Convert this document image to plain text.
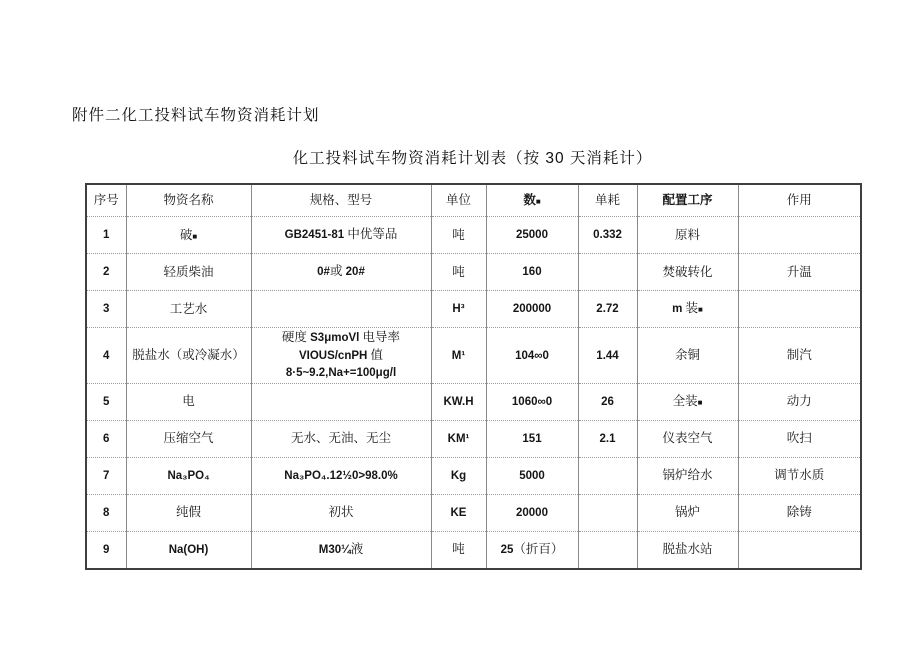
附件二化工投料试车物资消耗计划
化工投料试车物资消耗计划表（按 30 天消耗计）
序号	物资名称	规格、型号	单位	数■	单耗	配置工序	作用
1	破■	GB2451-81 中优等品	吨	25000	0.332	原料	
2	轻质柴油	0#或 20#	吨	160		焚破转化	升温
3	工艺水		H³	200000	2.72	m 装■	
4	脱盐水（或冷凝水）	硬度 S3μmoVl 电导率 VIOUS/cnPH 值 8·5~9.2,Na+=100μg/l	M¹	104∞0	1.44	余铜	制汽
5	电		KW.H	1060∞0	26	全装■	动力
6	压缩空气	无水、无油、无尘	KM¹	151	2.1	仪表空气	吹扫
7	Na₃PO₄	Na₃PO₄.12½0>98.0%	Kg	5000		锅炉给水	调节水质
8	纯假	初状	KE	20000		锅炉	除铸
9	Na(OH)	M30¼液	吨	25（折百）		脱盐水站	
